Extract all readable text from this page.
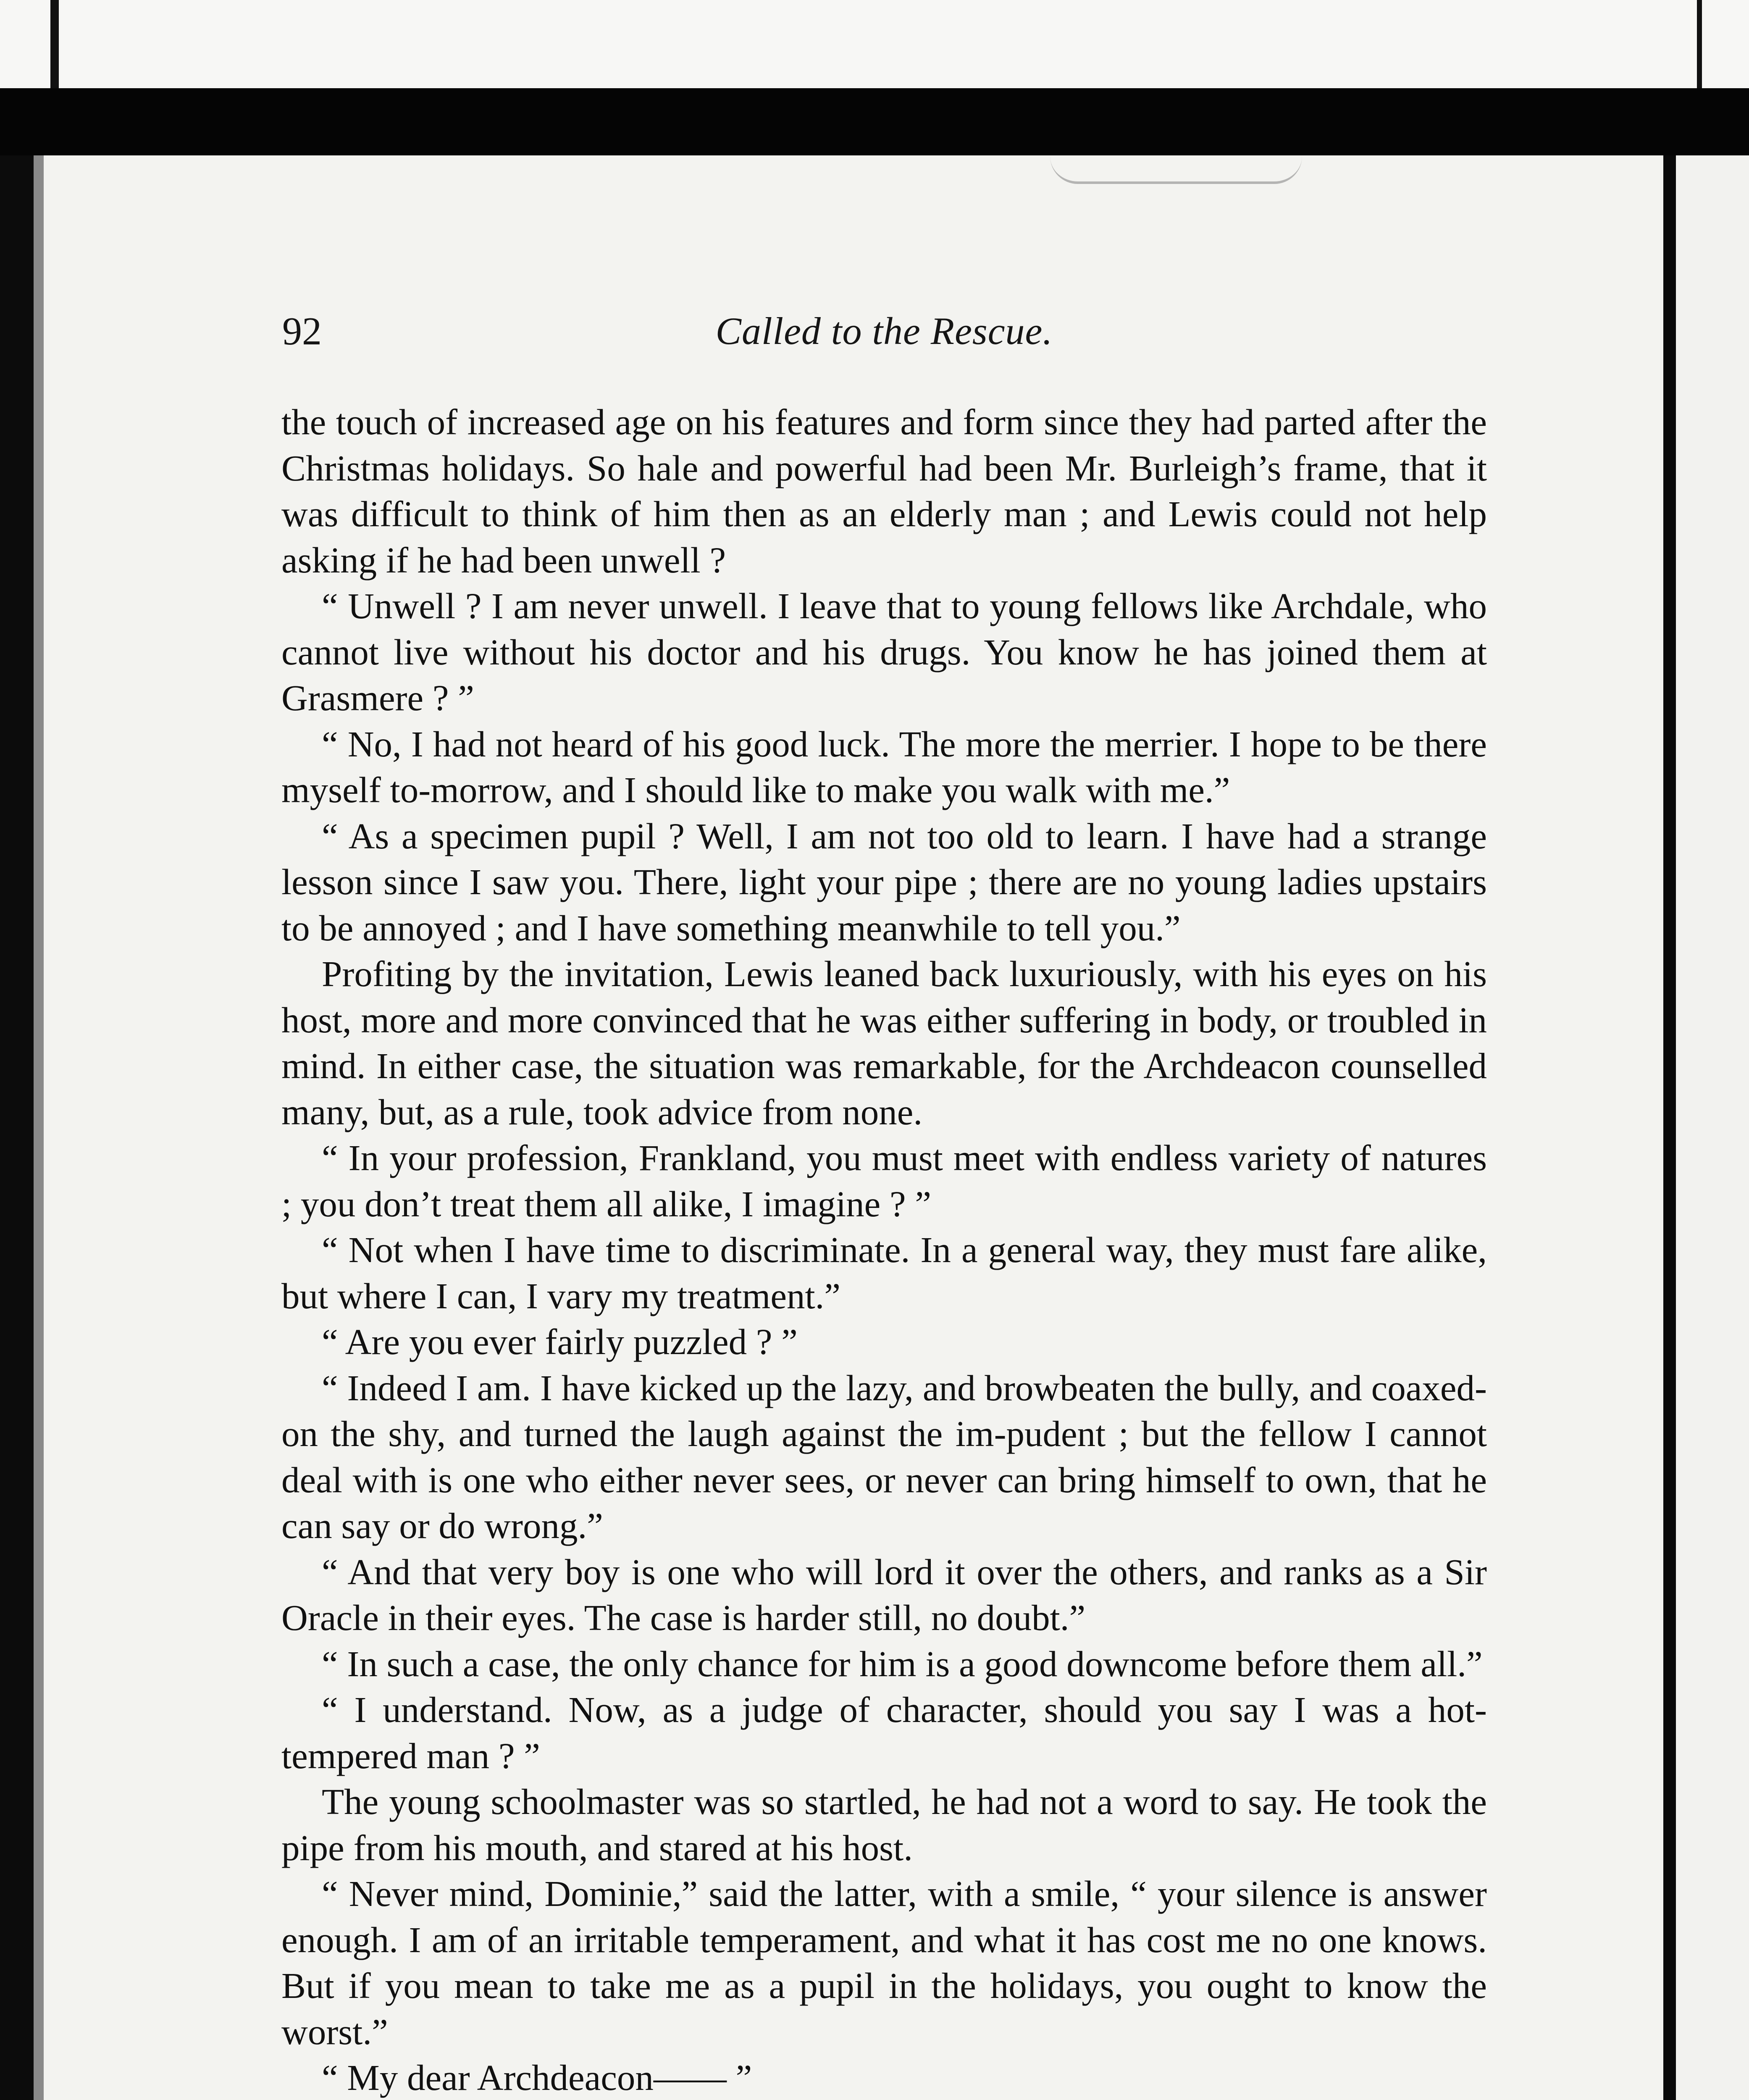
92	Called to the Rescue.

the touch of increased age on his features and form since they had parted after the Christmas holidays. So hale and powerful had been Mr. Burleigh’s frame, that it was difficult to think of him then as an elderly man ; and Lewis could not help asking if he had been unwell ?

“ Unwell ? I am never unwell. I leave that to young fellows like Archdale, who cannot live without his doctor and his drugs. You know he has joined them at Grasmere ? ”

“ No, I had not heard of his good luck. The more the merrier. I hope to be there myself to-morrow, and I should like to make you walk with me.”

“ As a specimen pupil ? Well, I am not too old to learn. I have had a strange lesson since I saw you. There, light your pipe ; there are no young ladies upstairs to be annoyed ; and I have something meanwhile to tell you.”

Profiting by the invitation, Lewis leaned back luxuriously, with his eyes on his host, more and more convinced that he was either suffering in body, or troubled in mind. In either case, the situation was remarkable, for the Archdeacon counselled many, but, as a rule, took advice from none.

“ In your profession, Frankland, you must meet with endless variety of natures ; you don’t treat them all alike, I imagine ? ”

“ Not when I have time to discriminate. In a general way, they must fare alike, but where I can, I vary my treatment.”

“ Are you ever fairly puzzled ? ”

“ Indeed I am. I have kicked up the lazy, and browbeaten the bully, and coaxed-on the shy, and turned the laugh against the im-pudent ; but the fellow I cannot deal with is one who either never sees, or never can bring himself to own, that he can say or do wrong.”

“ And that very boy is one who will lord it over the others, and ranks as a Sir Oracle in their eyes. The case is harder still, no doubt.”

“ In such a case, the only chance for him is a good downcome before them all.”

“ I understand. Now, as a judge of character, should you say I was a hot-tempered man ? ”

The young schoolmaster was so startled, he had not a word to say. He took the pipe from his mouth, and stared at his host.

“ Never mind, Dominie,” said the latter, with a smile, “ your silence is answer enough. I am of an irritable temperament, and what it has cost me no one knows. But if you mean to take me as a pupil in the holidays, you ought to know the worst.”

“ My dear Archdeacon—— ”
